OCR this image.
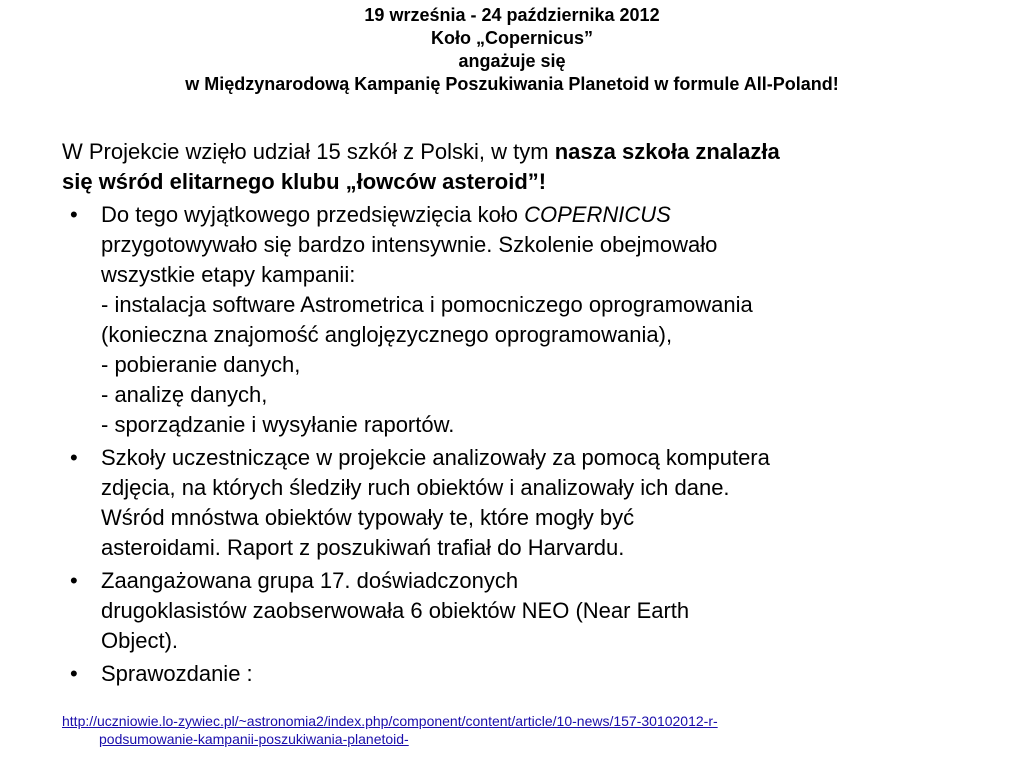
19 września - 24 października 2012
Koło „Copernicus”
angażuje się
w Międzynarodową Kampanię Poszukiwania Planetoid w formule All-Poland!
W Projekcie wzięło udział 15 szkół z Polski, w tym nasza szkoła znalazła
się wśród elitarnego klubu „łowców asteroid”!
• Do tego wyjątkowego przedsięwzięcia koło COPERNICUS
przygotowywało się bardzo intensywnie. Szkolenie obejmowało
wszystkie etapy kampanii:
- instalacja software Astrometrica i pomocniczego oprogramowania
(konieczna znajomość anglojęzycznego oprogramowania),
- pobieranie danych,
- analizę danych,
- sporządzanie i wysyłanie raportów.
• Szkoły uczestniczące w projekcie analizowały za pomocą komputera
zdjęcia, na których śledziły ruch obiektów i analizowały ich dane.
Wśród mnóstwa obiektów typowały te, które mogły być
asteroidami. Raport z poszukiwań trafiał do Harvardu.
• Zaangażowana grupa 17. doświadczonych
drugoklasistów zaobserwowała 6 obiektów NEO (Near Earth
Object).
• Sprawozdanie :
http://uczniowie.lo-zywiec.pl/~astronomia2/index.php/component/content/article/10-news/157-30102012-r-
podsumowanie-kampanii-poszukiwania-planetoid-
